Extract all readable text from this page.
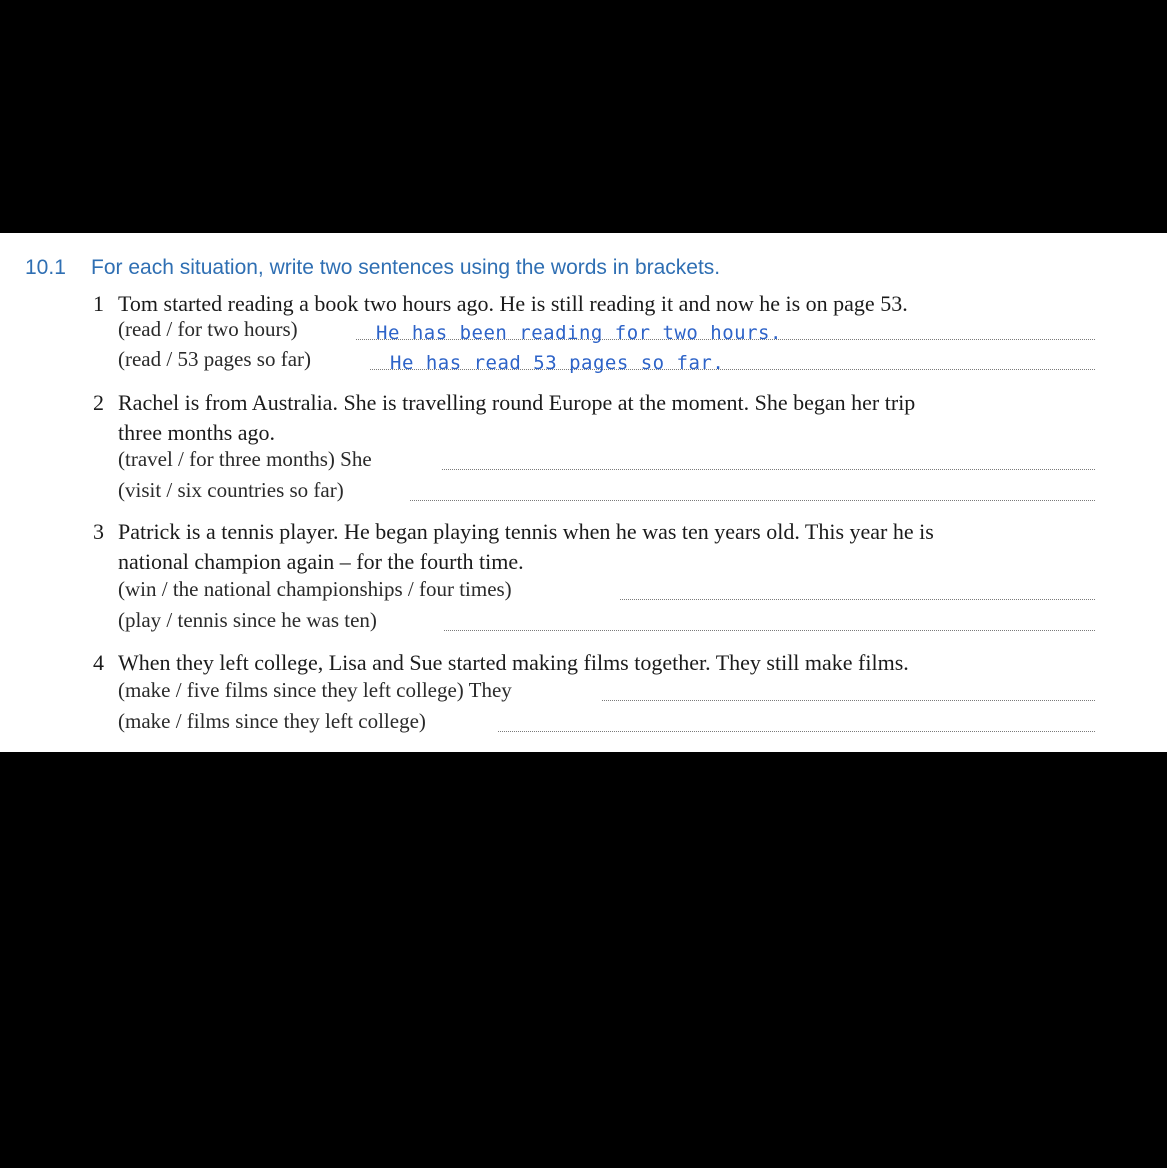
10.1 For each situation, write two sentences using the words in brackets.
1 Tom started reading a book two hours ago. He is still reading it and now he is on page 53.
(read / for two hours)	He has been reading for two hours.
(read / 53 pages so far)	He has read 53 pages so far.
2 Rachel is from Australia. She is travelling round Europe at the moment. She began her trip
three months ago.
(travel / for three months) She
(visit / six countries so far)
3 Patrick is a tennis player. He began playing tennis when he was ten years old. This year he is
national champion again – for the fourth time.
(win / the national championships / four times)
(play / tennis since he was ten)
4 When they left college, Lisa and Sue started making films together. They still make films.
(make / five films since they left college) They
(make / films since they left college)
